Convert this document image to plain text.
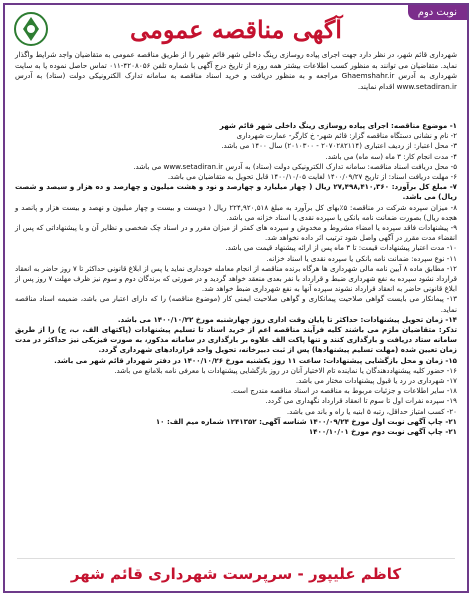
نوبت دوم
آگهی مناقصه عمومی
شهرداری قائم شهر، در نظر دارد جهت اجرای پیاده روسازی رینگ داخلی شهر قائم شهر را از طریق مناقصه عمومی به متقاضیان واجد شرایط واگذار نماید. متقاضیان می توانند به منظور کسب اطلاعات بیشتر همه روزه از تاریخ درج آگهی با شماره تلفن ۴۲۰۸۰۵۶-۰۱۱ تماس حاصل نموده یا به سایت شهرداری به آدرس Ghaemshahr.ir مراجعه و به منظور دریافت و خرید اسناد مناقصه به سامانه تدارک الکترونیکی دولت (ستاد) به آدرس www.setadiran.ir اقدام نمایند.

۱- موضوع مناقصه: اجرای پیاده روسازی رینگ داخلی شهر قائم شهر

۲- نام و نشانی دستگاه مناقصه گزار: قائم شهر- خ کارگر- عمارت شهرداری

۳- محل اعتبار: از ردیف اعتباری (۲۰۷۰۲۸۲۱۱۴ - ۲۰۱۰۳۰۰) سال ۱۴۰۰ می باشد.

۴- مدت انجام کار: ۳ ماه (سه ماه) می باشد.

۵- محل دریافت اسناد مناقصه: سامانه تدارک الکترونیکی دولت (ستاد) به آدرس www.setadiran.ir می باشد.

۶- مهلت دریافت اسناد: از تاریخ ۱۴۰۰/۰۹/۲۷ لغایت ۱۴۰۰/۱۰/۰۵ قابل تحویل به متقاضیان می باشد.

۷- مبلغ کل برآورد: ۲۷,۴۹۸,۴۱۰,۳۶۰ ریال ( چهار میلیارد و چهارصد و نود و هشت میلیون و چهارصد و ده هزار و سیصد و شصت ریال) می باشد.

۸- میزان سپرده شرکت در مناقصه: ۵٪بهای کل برآورد به مبلغ ۲۲۴,۹۲۰,۵۱۸ ریال ( دویست و بیست و چهار میلیون و نهصد و بیست هزار و پانصد و هجده ریال) بصورت ضمانت نامه بانکی یا سپرده نقدی یا اسناد خزانه می باشد.

۹- پیشنهادات فاقد سپرده یا امضاء مشروط و مخدوش و سپرده های کمتر از میزان مقرر و در اسناد چک شخصی و نظایر آن و یا پیشنهاداتی که پس از انقضاء مدت مقرر در آگهی واصل شود ترتیب اثر داده نخواهد شد.

۱۰- مدت اعتبار پیشنهادات قیمت: تا ۳ ماه پس از ارائه پیشنهاد قیمت می باشد.

۱۱- نوع سپرده: ضمانت نامه بانکی یا سپرده نقدی یا اسناد خزانه.

۱۲- مطابق ماده ۸ آیین نامه مالی شهرداری ها هرگاه برنده مناقصه از انجام معامله خودداری نماید یا پس از ابلاغ قانونی حداکثر تا ۷ روز حاضر به انعقاد قرارداد نشود سپرده به نفع شهرداری ضبط و قرارداد با نفر بعدی منعقد خواهد گردید و در صورتی که برندگان دوم و سوم نیز ظرف مهلت ۷ روز پس از ابلاغ قانونی حاضر به انعقاد قرارداد نشوند سپرده آنها به نفع شهرداری ضبط خواهد شد.

۱۳- پیمانکار می بایست گواهی صلاحیت پیمانکاری و گواهی صلاحیت ایمنی کار (موضوع مناقصه) را که دارای اعتبار می باشد، ضمیمه اسناد مناقصه نماید.

۱۴- زمان تحویل پیشنهادات: حداکثر تا پایان وقت اداری روز چهارشنبه مورخ ۱۴۰۰/۱۰/۲۲ می باشد.

تذکر: متقاضیان ملزم می باشند کلیه فرآیند مناقصه اعم از خرید اسناد تا تسلیم پیشنهادات (پاکتهای الف، ب، ج) را از طریق سامانه ستاد دریافت و بارگذاری کنند و تنها پاکت الف علاوه بر بارگذاری در سامانه مذکور، به صورت فیزیکی نیز حداکثر در مدت زمان تعیین شده (مهلت تسلیم پیشنهادها) پس از ثبت دبیرخانه، تحویل واحد قراردادهای شهرداری گردد.

۱۵- زمان و محل بازگشایی پیشنهادات: ساعت ۱۱ روز یکشنبه مورخ ۱۴۰۰/۱۰/۲۶ در دفتر شهردار قائم شهر می باشد.

۱۶- حضور کلیه پیشنهاددهندگان یا نماینده تام الاختیار آنان در روز بازگشایی پیشنهادات با معرفی نامه بلامانع می باشد.

۱۷- شهرداری در رد یا قبول پیشنهادات مختار می باشد.

۱۸- سایر اطلاعات و جزئیات مربوط به مناقصه در اسناد مناقصه مندرج است.

۱۹- سپرده نفرات اول تا سوم تا انعقاد قرارداد نگهداری می گردد.

۲۰- کسب امتیاز حداقل، رتبه ۵ ابنیه یا راه و باند می باشد.

۲۱- چاپ آگهی نوبت اول مورخ ۱۴۰۰/۰۹/۲۴ شناسه آگهی: ۱۲۴۱۳۵۲ شماره میم الف: ۱۰

۲۱- چاپ آگهی نوبت دوم مورخ ۱۴۰۰/۱۰/۰۱

کاظم علیپور - سرپرست شهرداری قائم شهر
